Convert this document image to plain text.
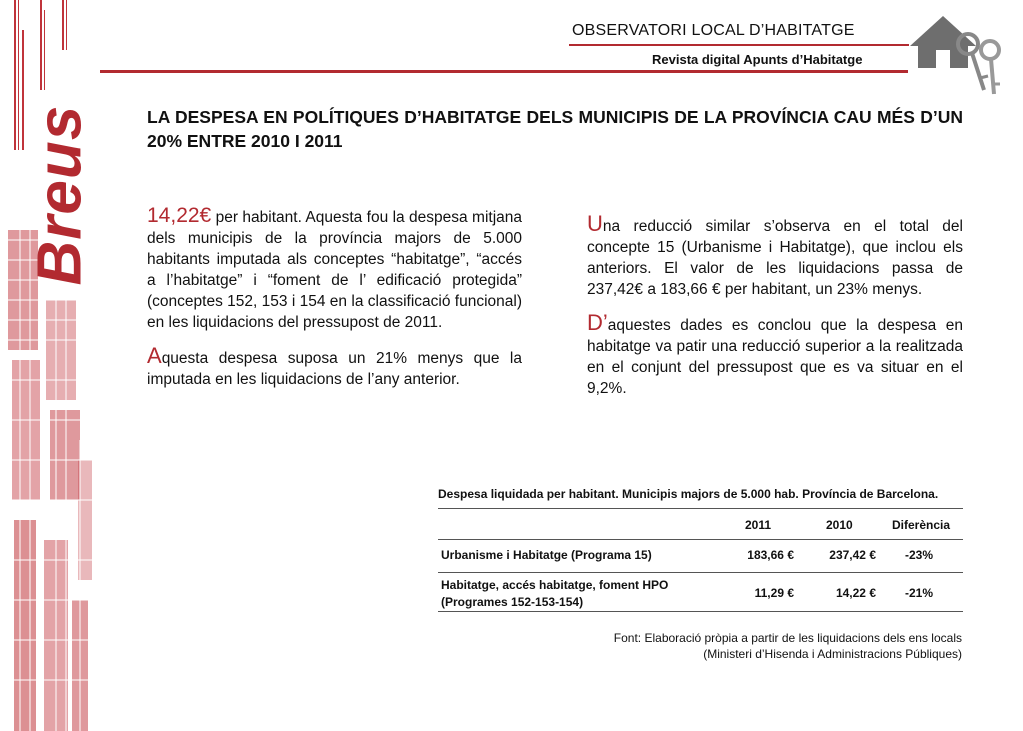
Breus
OBSERVATORI LOCAL D’HABITATGE
Revista digital Apunts d’Habitatge
LA DESPESA EN POLÍTIQUES D’HABITATGE DELS MUNICIPIS DE LA PROVÍNCIA CAU MÉS D’UN 20% ENTRE 2010 I 2011

14,22€ per habitant. Aquesta fou la despesa mitjana dels municipis de la província majors de 5.000 habitants imputada als conceptes “habitatge”, “accés a l’habitatge” i “foment de l’ edificació protegida” (conceptes 152, 153 i 154 en la classificació funcional) en les liquidacions del pressupost de 2011.

Aquesta despesa suposa un 21% menys que la imputada en les liquidacions de l’any anterior.

Una reducció similar s’observa en el total del concepte 15 (Urbanisme i Habitatge), que inclou els anteriors. El valor de les liquidacions passa de 237,42€ a 183,66 € per habitant, un 23% menys.

D’aquestes dades es conclou que la despesa en habitatge va patir una reducció superior a la realitzada en el conjunt del pressupost que es va situar en el 9,2%.

Despesa liquidada per habitant. Municipis majors de 5.000 hab. Província de Barcelona.
2011	2010	Diferència
Urbanisme i Habitatge (Programa 15)	183,66 €	237,42 € -23%
Habitatge, accés habitatge, foment HPO
(Programes 152-153-154)
11,29 €	14,22 € -21%
Font: Elaboració pròpia a partir de les liquidacions dels ens locals
(Ministeri d’Hisenda i Administracions Públiques)
